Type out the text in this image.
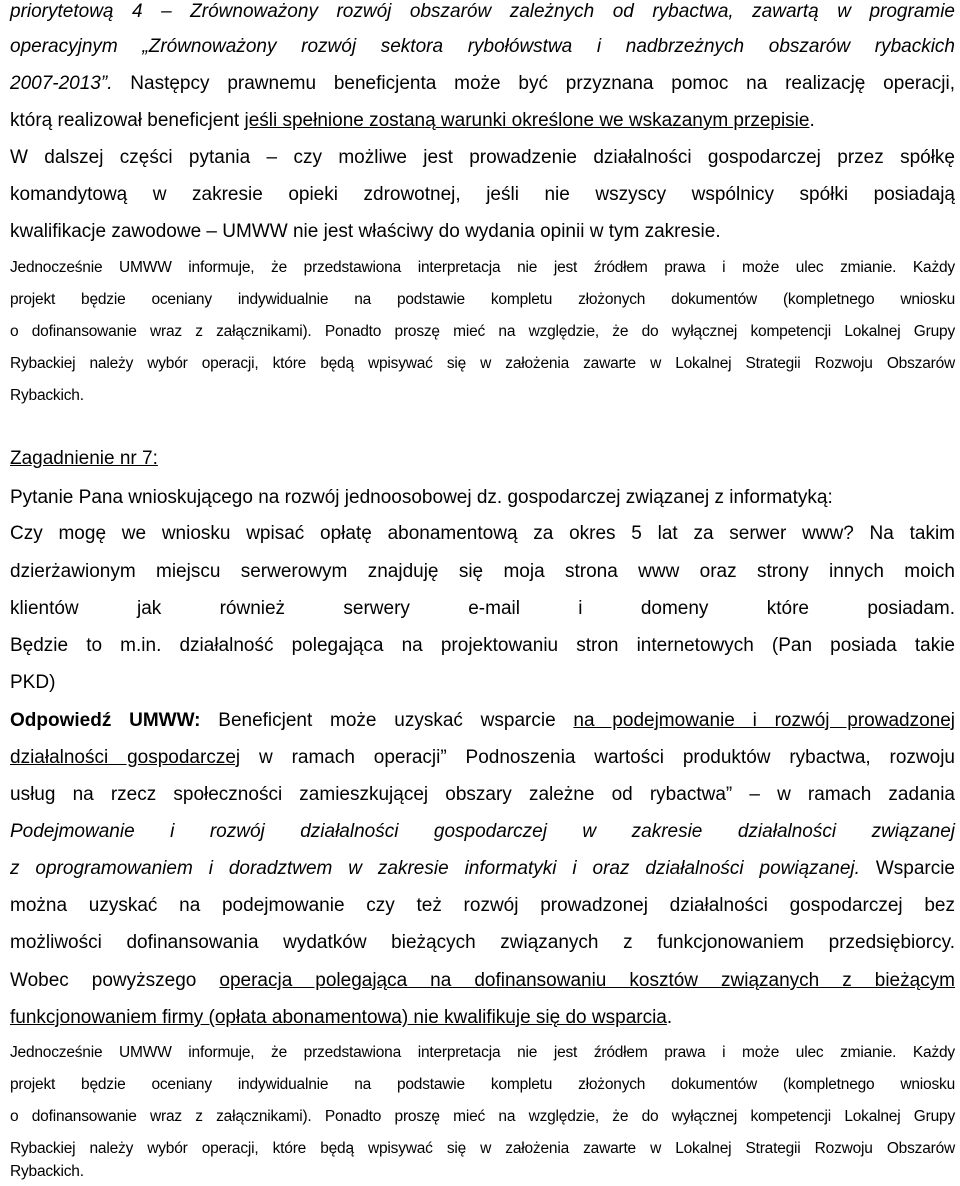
priorytetową 4 – Zrównoważony rozwój obszarów zależnych od rybactwa, zawartą w programie
operacyjnym „Zrównoważony rozwój sektora rybołówstwa i nadbrzeżnych obszarów rybackich
2007-2013”. Następcy prawnemu beneficjenta może być przyznana pomoc na realizację operacji,
którą realizował beneficjent jeśli spełnione zostaną warunki określone we wskazanym przepisie.
W dalszej części pytania – czy możliwe jest prowadzenie działalności gospodarczej przez spółkę
komandytową w zakresie opieki zdrowotnej, jeśli nie wszyscy wspólnicy spółki posiadają
kwalifikacje zawodowe – UMWW nie jest właściwy do wydania opinii w tym zakresie.
Jednocześnie UMWW informuje, że przedstawiona interpretacja nie jest źródłem prawa i może ulec zmianie. Każdy
projekt będzie oceniany indywidualnie na podstawie kompletu złożonych dokumentów (kompletnego wniosku
o dofinansowanie wraz z załącznikami). Ponadto proszę mieć na względzie, że do wyłącznej kompetencji Lokalnej Grupy
Rybackiej należy wybór operacji, które będą wpisywać się w założenia zawarte w Lokalnej Strategii Rozwoju Obszarów
Rybackich.
Zagadnienie nr 7:
Pytanie Pana wnioskującego na rozwój jednoosobowej dz. gospodarczej związanej z informatyką:
Czy mogę we wniosku wpisać opłatę abonamentową za okres 5 lat za serwer www? Na takim
dzierżawionym miejscu serwerowym znajduję się moja strona www oraz strony innych moich
klientów jak również serwery e-mail i domeny które posiadam.
Będzie to m.in. działalność polegająca na projektowaniu stron internetowych (Pan posiada takie
PKD)
Odpowiedź UMWW: Beneficjent może uzyskać wsparcie na podejmowanie i rozwój prowadzonej
działalności gospodarczej w ramach operacji” Podnoszenia wartości produktów rybactwa, rozwoju
usług na rzecz społeczności zamieszkującej obszary zależne od rybactwa” – w ramach zadania
Podejmowanie i rozwój działalności gospodarczej w zakresie działalności związanej
z oprogramowaniem i doradztwem w zakresie informatyki i oraz działalności powiązanej. Wsparcie
można uzyskać na podejmowanie czy też rozwój prowadzonej działalności gospodarczej bez
możliwości dofinansowania wydatków bieżących związanych z funkcjonowaniem przedsiębiorcy.
Wobec powyższego operacja polegająca na dofinansowaniu kosztów związanych z bieżącym
funkcjonowaniem firmy (opłata abonamentowa) nie kwalifikuje się do wsparcia.
Jednocześnie UMWW informuje, że przedstawiona interpretacja nie jest źródłem prawa i może ulec zmianie. Każdy
projekt będzie oceniany indywidualnie na podstawie kompletu złożonych dokumentów (kompletnego wniosku
o dofinansowanie wraz z załącznikami). Ponadto proszę mieć na względzie, że do wyłącznej kompetencji Lokalnej Grupy
Rybackiej należy wybór operacji, które będą wpisywać się w założenia zawarte w Lokalnej Strategii Rozwoju Obszarów
Rybackich.
